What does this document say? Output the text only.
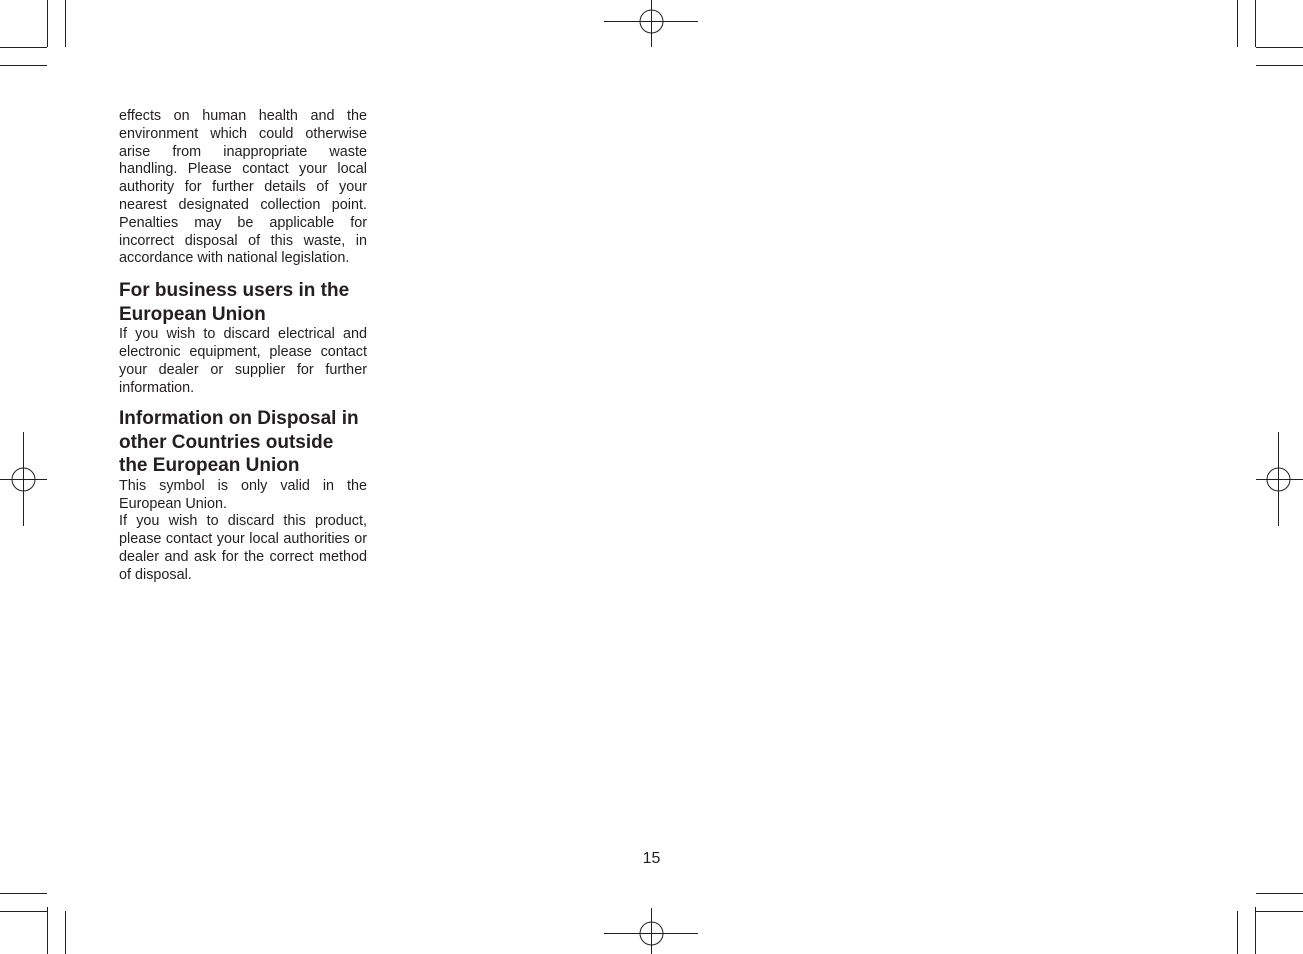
effects on human health and the environment which could otherwise arise from inappropriate waste handling. Please contact your local authority for further details of your nearest designated collection point. Penalties may be applicable for incorrect disposal of this waste, in accordance with national legislation.

For business users in the European Union

If you wish to discard electrical and electronic equipment, please contact your dealer or supplier for further information.

Information on Disposal in other Countries outside the European Union

This symbol is only valid in the European Union.

If you wish to discard this product, please contact your local authorities or dealer and ask for the correct method of disposal.

15
